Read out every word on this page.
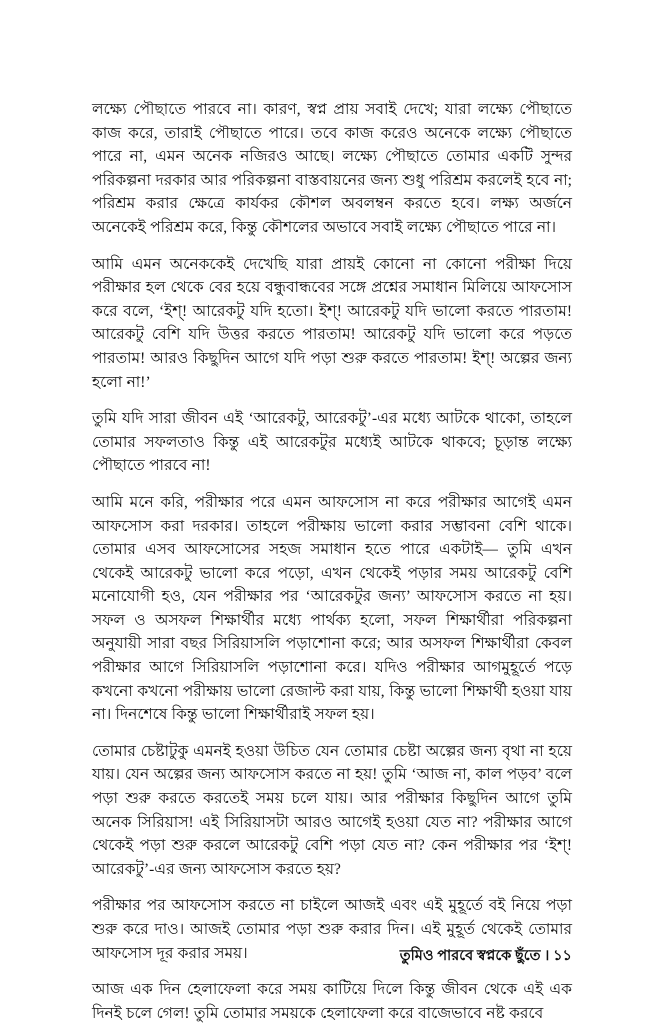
লক্ষ্যে পৌছাতে পারবে না। কারণ, স্বপ্ন প্রায় সবাই দেখে; যারা লক্ষ্যে পৌছাতে কাজ করে, তারাই পৌছাতে পারে। তবে কাজ করেও অনেকে লক্ষ্যে পৌছাতে পারে না, এমন অনেক নজিরও আছে। লক্ষ্যে পৌছাতে তোমার একটি সুন্দর পরিকল্পনা দরকার আর পরিকল্পনা বাস্তবায়নের জন্য শুধু পরিশ্রম করলেই হবে না; পরিশ্রম করার ক্ষেত্রে কার্যকর কৌশল অবলম্বন করতে হবে। লক্ষ্য অর্জনে অনেকেই পরিশ্রম করে, কিন্তু কৌশলের অভাবে সবাই লক্ষ্যে পৌছাতে পারে না।

আমি এমন অনেককেই দেখেছি যারা প্রায়ই কোনো না কোনো পরীক্ষা দিয়ে পরীক্ষার হল থেকে বের হয়ে বন্ধুবান্ধবের সঙ্গে প্রশ্নের সমাধান মিলিয়ে আফসোস করে বলে, ‘ইশ্! আরেকটু যদি হতো। ইশ্! আরেকটু যদি ভালো করতে পারতাম! আরেকটু বেশি যদি উত্তর করতে পারতাম! আরেকটু যদি ভালো করে পড়তে পারতাম! আরও কিছুদিন আগে যদি পড়া শুরু করতে পারতাম! ইশ্! অল্পের জন্য হলো না!’

তুমি যদি সারা জীবন এই ‘আরেকটু, আরেকটু’-এর মধ্যে আটকে থাকো, তাহলে তোমার সফলতাও কিন্তু এই আরেকটুর মধ্যেই আটকে থাকবে; চূড়ান্ত লক্ষ্যে পৌছাতে পারবে না!

আমি মনে করি, পরীক্ষার পরে এমন আফসোস না করে পরীক্ষার আগেই এমন আফসোস করা দরকার। তাহলে পরীক্ষায় ভালো করার সম্ভাবনা বেশি থাকে। তোমার এসব আফসোসের সহজ সমাধান হতে পারে একটাই— তুমি এখন থেকেই আরেকটু ভালো করে পড়ো, এখন থেকেই পড়ার সময় আরেকটু বেশি মনোযোগী হও, যেন পরীক্ষার পর ‘আরেকটুর জন্য’ আফসোস করতে না হয়। সফল ও অসফল শিক্ষার্থীর মধ্যে পার্থক্য হলো, সফল শিক্ষার্থীরা পরিকল্পনা অনুযায়ী সারা বছর সিরিয়াসলি পড়াশোনা করে; আর অসফল শিক্ষার্থীরা কেবল পরীক্ষার আগে সিরিয়াসলি পড়াশোনা করে। যদিও পরীক্ষার আগমুহূর্তে পড়ে কখনো কখনো পরীক্ষায় ভালো রেজাল্ট করা যায়, কিন্তু ভালো শিক্ষার্থী হওয়া যায় না। দিনশেষে কিন্তু ভালো শিক্ষার্থীরাই সফল হয়।

তোমার চেষ্টাটুকু এমনই হওয়া উচিত যেন তোমার চেষ্টা অল্পের জন্য বৃথা না হয়ে যায়। যেন অল্পের জন্য আফসোস করতে না হয়! তুমি ‘আজ না, কাল পড়ব’ বলে পড়া শুরু করতে করতেই সময় চলে যায়। আর পরীক্ষার কিছুদিন আগে তুমি অনেক সিরিয়াস! এই সিরিয়াসটা আরও আগেই হওয়া যেত না? পরীক্ষার আগে থেকেই পড়া শুরু করলে আরেকটু বেশি পড়া যেত না? কেন পরীক্ষার পর ‘ইশ্! আরেকটু’-এর জন্য আফসোস করতে হয়?

পরীক্ষার পর আফসোস করতে না চাইলে আজই এবং এই মুহূর্তে বই নিয়ে পড়া শুরু করে দাও। আজই তোমার পড়া শুরু করার দিন। এই মুহূর্ত থেকেই তোমার আফসোস দূর করার সময়।

আজ এক দিন হেলাফেলা করে সময় কাটিয়ে দিলে কিন্তু জীবন থেকে এই এক দিনই চলে গেল! তুমি তোমার সময়কে হেলাফেলা করে বাজেভাবে নষ্ট করবে

তুমিও পারবে স্বপ্নকে ছুঁতে । ১১
